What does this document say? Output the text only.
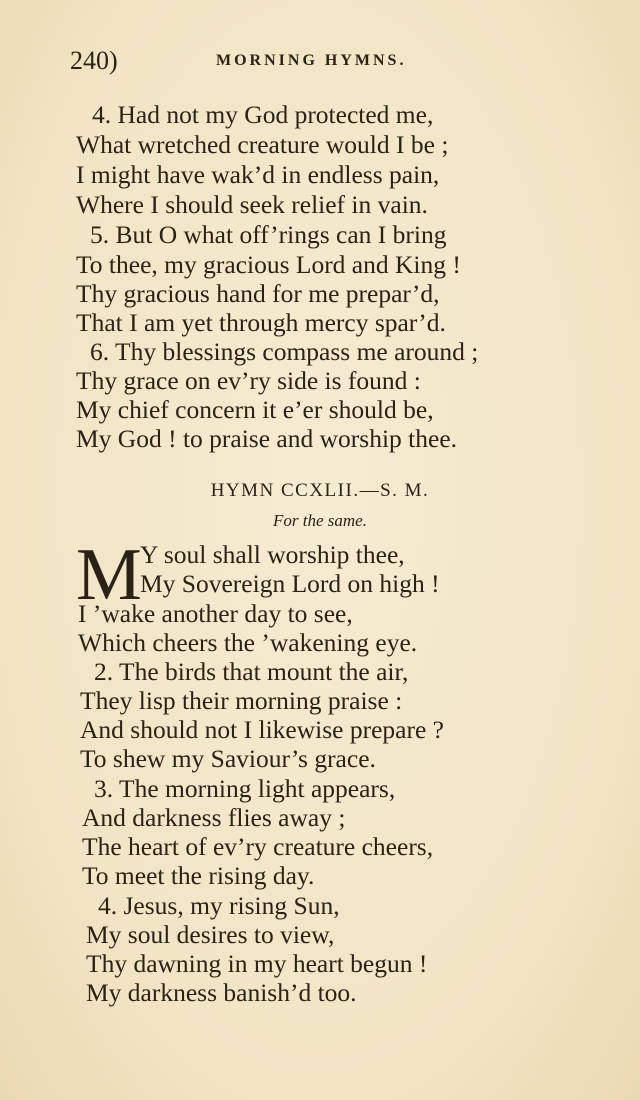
240)	MORNING HYMNS.
4. Had not my God protected me,
What wretched creature would I be ;
I might have wak’d in endless pain,
Where I should seek relief in vain.
5. But O what off’rings can I bring
To thee, my gracious Lord and King !
Thy gracious hand for me prepar’d,
That I am yet through mercy spar’d.
6. Thy blessings compass me around ;
Thy grace on ev’ry side is found :
My chief concern it e’er should be,
My God ! to praise and worship thee.
HYMN CCXLII.—S. M.
For the same.
M
Y soul shall worship thee,
My Sovereign Lord on high !
I ’wake another day to see,
Which cheers the ’wakening eye.
2. The birds that mount the air,
They lisp their morning praise :
And should not I likewise prepare ?
To shew my Saviour’s grace.
3. The morning light appears,
And darkness flies away ;
The heart of ev’ry creature cheers,
To meet the rising day.
4. Jesus, my rising Sun,
My soul desires to view,
Thy dawning in my heart begun !
My darkness banish’d too.
